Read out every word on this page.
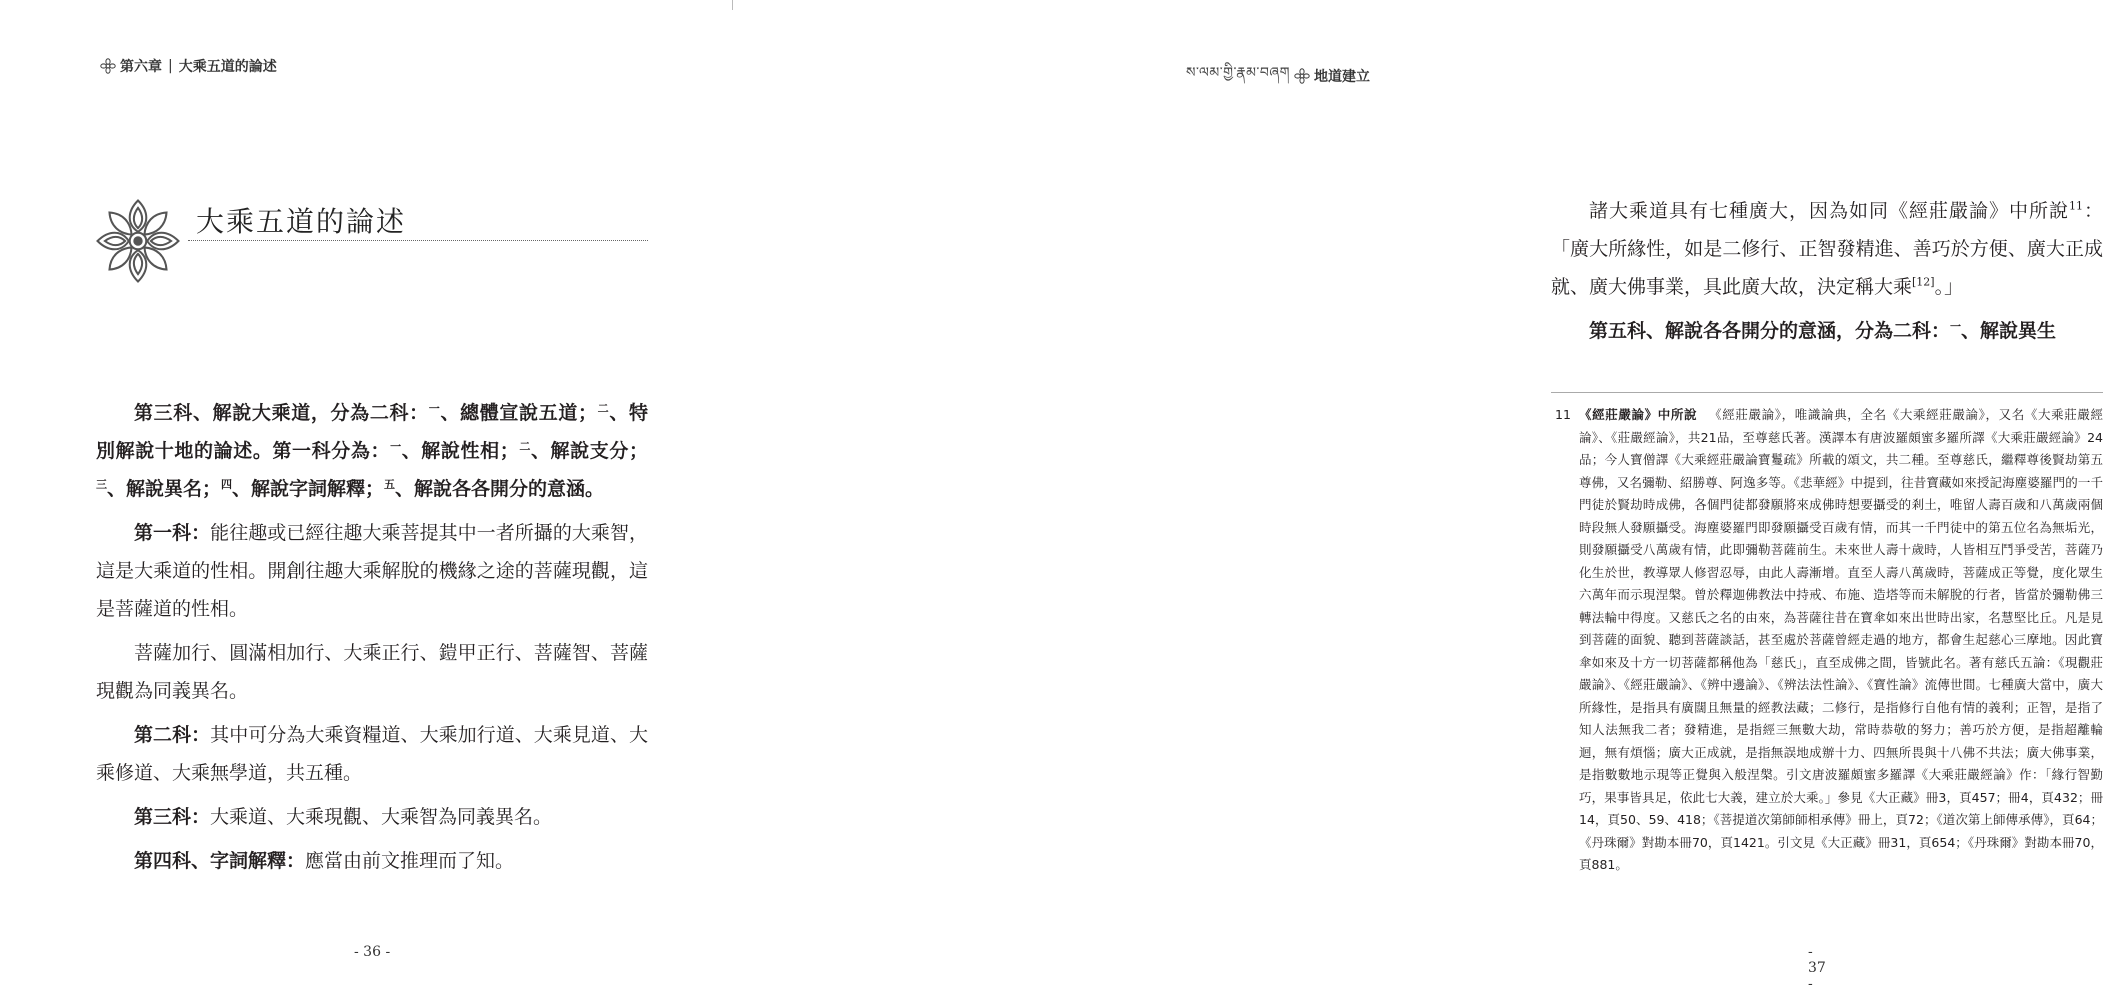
第六章 | 大乘五道的論述
大乘五道的論述

第三科、解說大乘道，分為二科：$^一$、總體宣說五道；$^二$、特別解說十地的論述。第一科分為：$^一$、解說性相；$^二$、解說支分；$^三$、解說異名；$^四$、解說字詞解釋；$^五$、解說各各開分的意涵。

第一科：能往趣或已經往趣大乘菩提其中一者所攝的大乘智，這是大乘道的性相。開創往趣大乘解脫的機緣之途的菩薩現觀，這是菩薩道的性相。

菩薩加行、圓滿相加行、大乘正行、鎧甲正行、菩薩智、菩薩現觀為同義異名。

第二科：其中可分為大乘資糧道、大乘加行道、大乘見道、大乘修道、大乘無學道，共五種。

第三科：大乘道、大乘現觀、大乘智為同義異名。

第四科、字詞解釋：應當由前文推理而了知。

- 36 -
ས་ལམ་གྱི་རྣམ་བཞག 地道建立

諸大乘道具有七種廣大，因為如同《經莊嚴論》中所說$^{11}$：「廣大所緣性，如是二修行、正智發精進、善巧於方便、廣大正成就、廣大佛事業，具此廣大故，決定稱大乘[12]。」

第五科、解說各各開分的意涵，分為二科：$^一$、解說異生

11 《經莊嚴論》中所說 《經莊嚴論》，唯識論典，全名《大乘經莊嚴論》，又名《大乘莊嚴經論》、《莊嚴經論》，共21品，至尊慈氏著。漢譯本有唐波羅頗蜜多羅所譯《大乘莊嚴經論》24品；今人寶僧譯《大乘經莊嚴論寶鬘疏》所載的頌文，共二種。至尊慈氏，繼釋尊後賢劫第五尊佛，又名彌勒、紹勝尊、阿逸多等。《悲華經》中提到，往昔寶藏如來授記海塵婆羅門的一千門徒於賢劫時成佛，各個門徒都發願將來成佛時想要攝受的剎土，唯留人壽百歲和八萬歲兩個時段無人發願攝受。海塵婆羅門即發願攝受百歲有情，而其一千門徒中的第五位名為無垢光，則發願攝受八萬歲有情，此即彌勒菩薩前生。未來世人壽十歲時，人皆相互鬥爭受苦，菩薩乃化生於世，教導眾人修習忍辱，由此人壽漸增。直至人壽八萬歲時，菩薩成正等覺，度化眾生六萬年而示現涅槃。曾於釋迦佛教法中持戒、布施、造塔等而未解脫的行者，皆當於彌勒佛三轉法輪中得度。又慈氏之名的由來，為菩薩往昔在寶傘如來出世時出家，名慧堅比丘。凡是見到菩薩的面貌、聽到菩薩談話，甚至處於菩薩曾經走過的地方，都會生起慈心三摩地。因此寶傘如來及十方一切菩薩都稱他為「慈氏」，直至成佛之間，皆號此名。著有慈氏五論：《現觀莊嚴論》、《經莊嚴論》、《辨中邊論》、《辨法法性論》、《寶性論》流傳世間。七種廣大當中，廣大所緣性，是指具有廣闊且無量的經教法藏；二修行，是指修行自他有情的義利；正智，是指了知人法無我二者；發精進，是指經三無數大劫，常時恭敬的努力；善巧於方便，是指超離輪迴，無有煩惱；廣大正成就，是指無誤地成辦十力、四無所畏與十八佛不共法；廣大佛事業，是指數數地示現等正覺與入般涅槃。引文唐波羅頗蜜多羅譯《大乘莊嚴經論》作：「緣行智勤巧，果事皆具足，依此七大義，建立於大乘。」參見《大正藏》冊3，頁457；冊4，頁432；冊14，頁50、59、418；《菩提道次第師師相承傳》冊上，頁72；《道次第上師傳承傳》，頁64；《丹珠爾》對勘本冊70，頁1421。引文見《大正藏》冊31，頁654；《丹珠爾》對勘本冊70，頁881。
- 37 -
